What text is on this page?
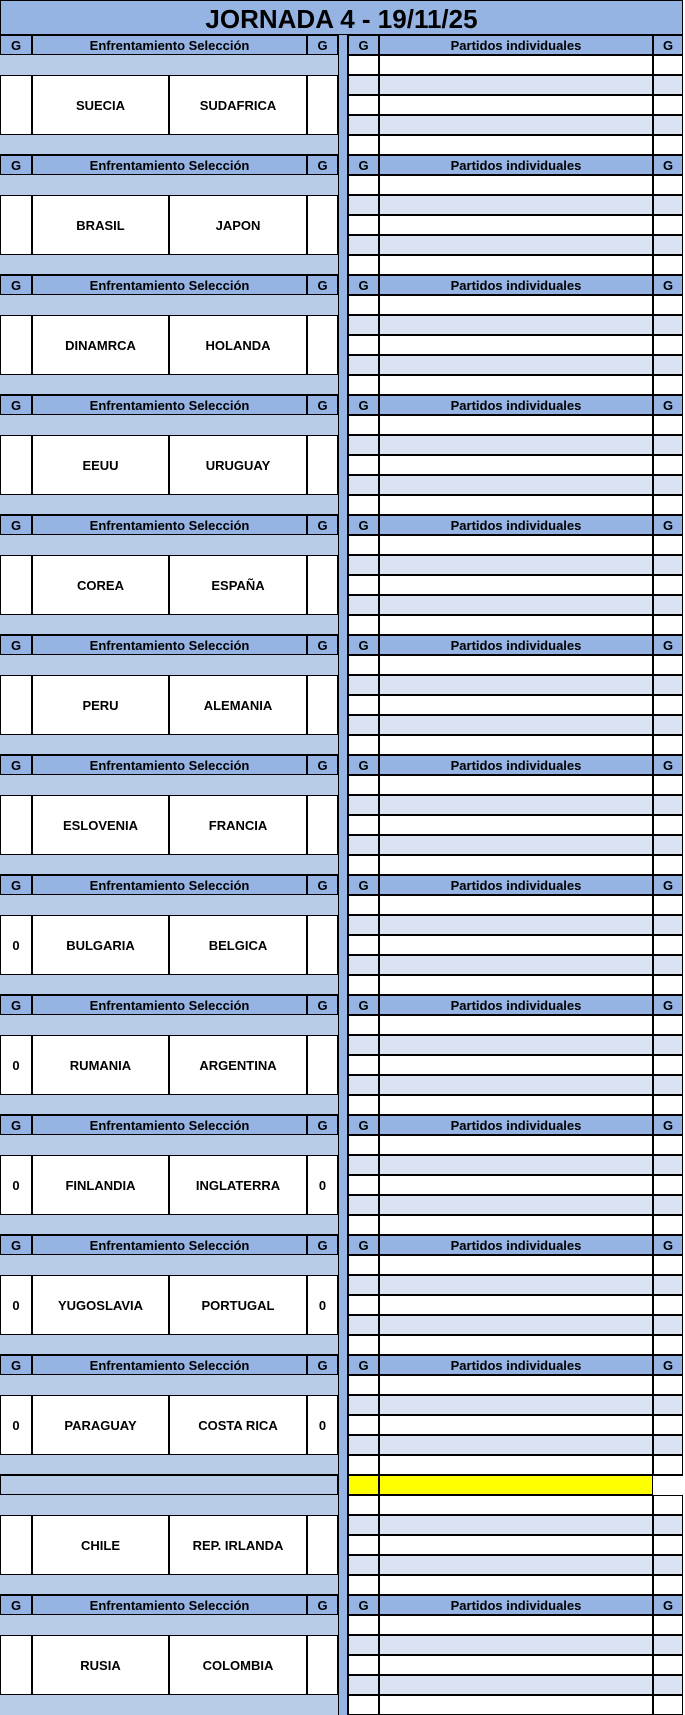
JORNADA 4 - 19/11/25
G	Enfrentamiento Selección	G	G	Partidos individuales	G
SUECIA	SUDAFRICA
G	Enfrentamiento Selección	G	G	Partidos individuales	G
BRASIL	JAPON
G	Enfrentamiento Selección	G	G	Partidos individuales	G
DINAMRCA	HOLANDA
G	Enfrentamiento Selección	G	G	Partidos individuales	G
EEUU	URUGUAY
G	Enfrentamiento Selección	G	G	Partidos individuales	G
COREA	ESPAÑA
G	Enfrentamiento Selección	G	G	Partidos individuales	G
PERU	ALEMANIA
G	Enfrentamiento Selección	G	G	Partidos individuales	G
ESLOVENIA	FRANCIA
G	Enfrentamiento Selección	G	G	Partidos individuales	G
0	BULGARIA	BELGICA
G	Enfrentamiento Selección	G	G	Partidos individuales	G
0	RUMANIA	ARGENTINA
G	Enfrentamiento Selección	G	G	Partidos individuales	G
0	FINLANDIA	INGLATERRA	0
G	Enfrentamiento Selección	G	G	Partidos individuales	G
0	YUGOSLAVIA	PORTUGAL	0
G	Enfrentamiento Selección	G	G	Partidos individuales	G
0	PARAGUAY	COSTA RICA	0
CHILE	REP. IRLANDA
G	Enfrentamiento Selección	G	G	Partidos individuales	G
RUSIA	COLOMBIA
